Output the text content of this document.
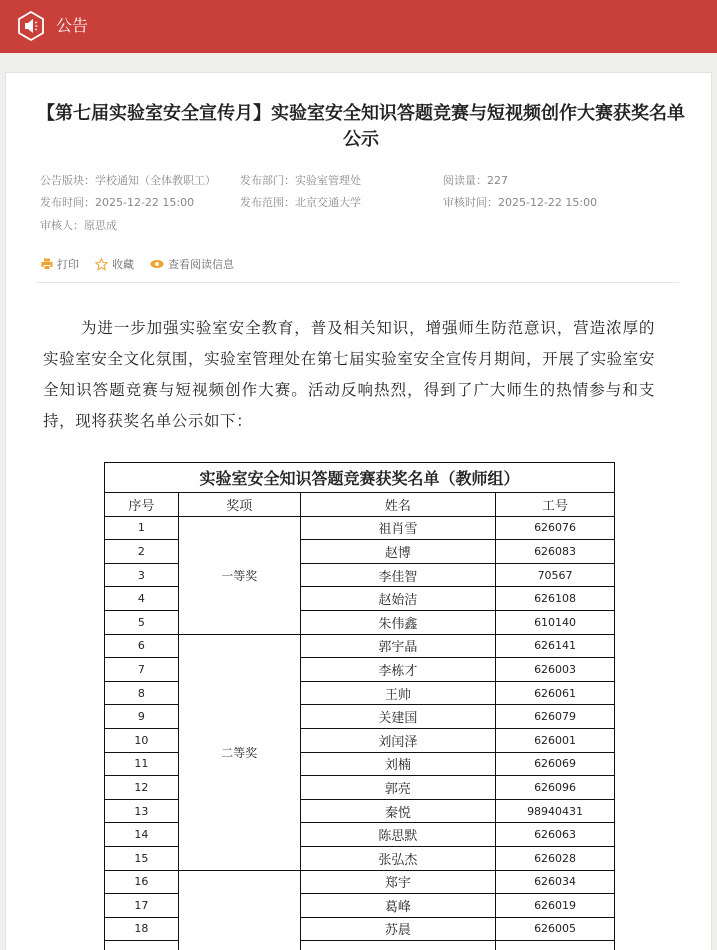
公告
【第七届实验室安全宣传月】实验室安全知识答题竞赛与短视频创作大赛获奖名单公示
公告版块：学校通知（全体教职工） 发布部门：实验室管理处	阅读量：227
发布时间：2025-12-22 15:00	发布范围：北京交通大学	审核时间：2025-12-22 15:00
审核人：原思成
打印	收藏	查看阅读信息

为进一步加强实验室安全教育，普及相关知识，增强师生防范意识，营造浓厚的实验室安全文化氛围，实验室管理处在第七届实验室安全宣传月期间，开展了实验室安全知识答题竞赛与短视频创作大赛。活动反响热烈，得到了广大师生的热情参与和支持，现将获奖名单公示如下：

实验室安全知识答题竞赛获奖名单（教师组）			
序号	奖项	姓名	工号
1	一等奖	祖肖雪	626076
2		赵博	626083
3		李佳智	70567
4		赵始洁	626108
5		朱伟鑫	610140
6	二等奖	郭宇晶	626141
7		李栋才	626003
8		王帅	626061
9		关建国	626079
10		刘闰泽	626001
11		刘楠	626069
12		郭亮	626096
13		秦悦	98940431
14		陈思默	626063
15		张弘杰	626028
16		郑宇	626034
17		葛峰	626019
18		苏晨	626005
